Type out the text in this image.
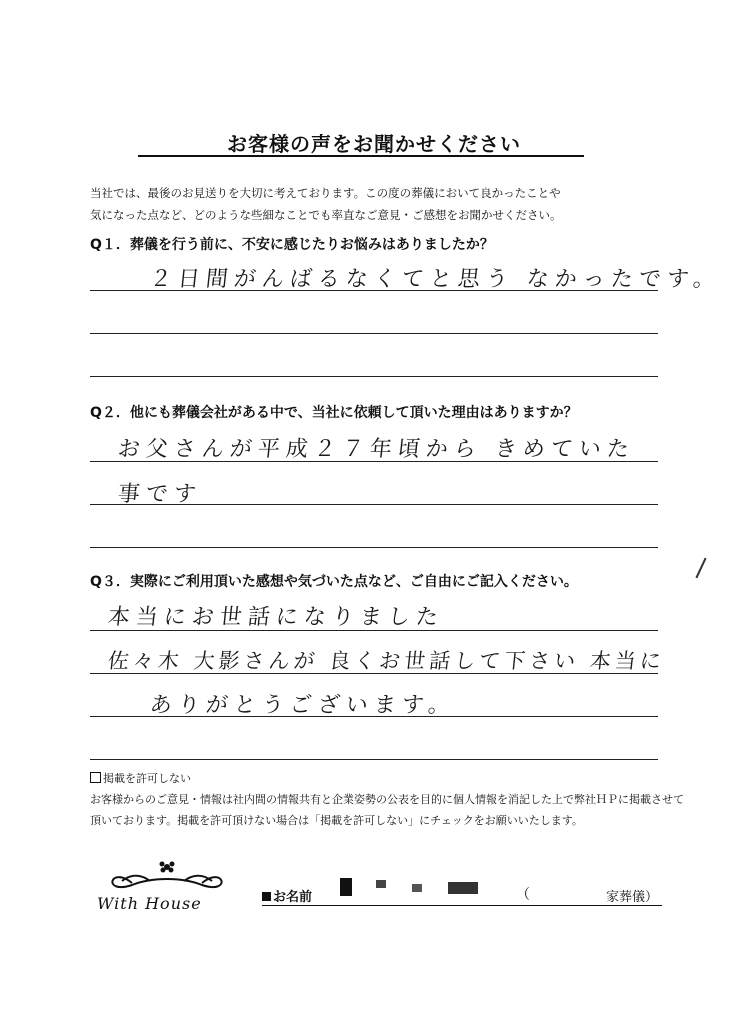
お客様の声をお聞かせください
当社では、最後のお見送りを大切に考えております。この度の葬儀において良かったことや
気になった点など、どのような些細なことでも率直なご意見・ご感想をお聞かせください。
Q１．葬儀を行う前に、不安に感じたりお悩みはありましたか？
２日間がんばるなくてと思う なかったです。
Q２．他にも葬儀会社がある中で、当社に依頼して頂いた理由はありますか？
お父さんが平成２７年頃から きめていた
事です
Q３．実際にご利用頂いた感想や気づいた点など、ご自由にご記入ください。
本当にお世話になりました
佐々木 大影さんが 良くお世話して下さい 本当に
ありがとうございます。
掲載を許可しない
お客様からのご意見・情報は社内間の情報共有と企業姿勢の公表を目的に個人情報を消記した上で弊社ＨＰに掲載させて
頂いております。掲載を許可頂けない場合は「掲載を許可しない」にチェックをお願いいたします。
With House	お名前	（	家葬儀）
